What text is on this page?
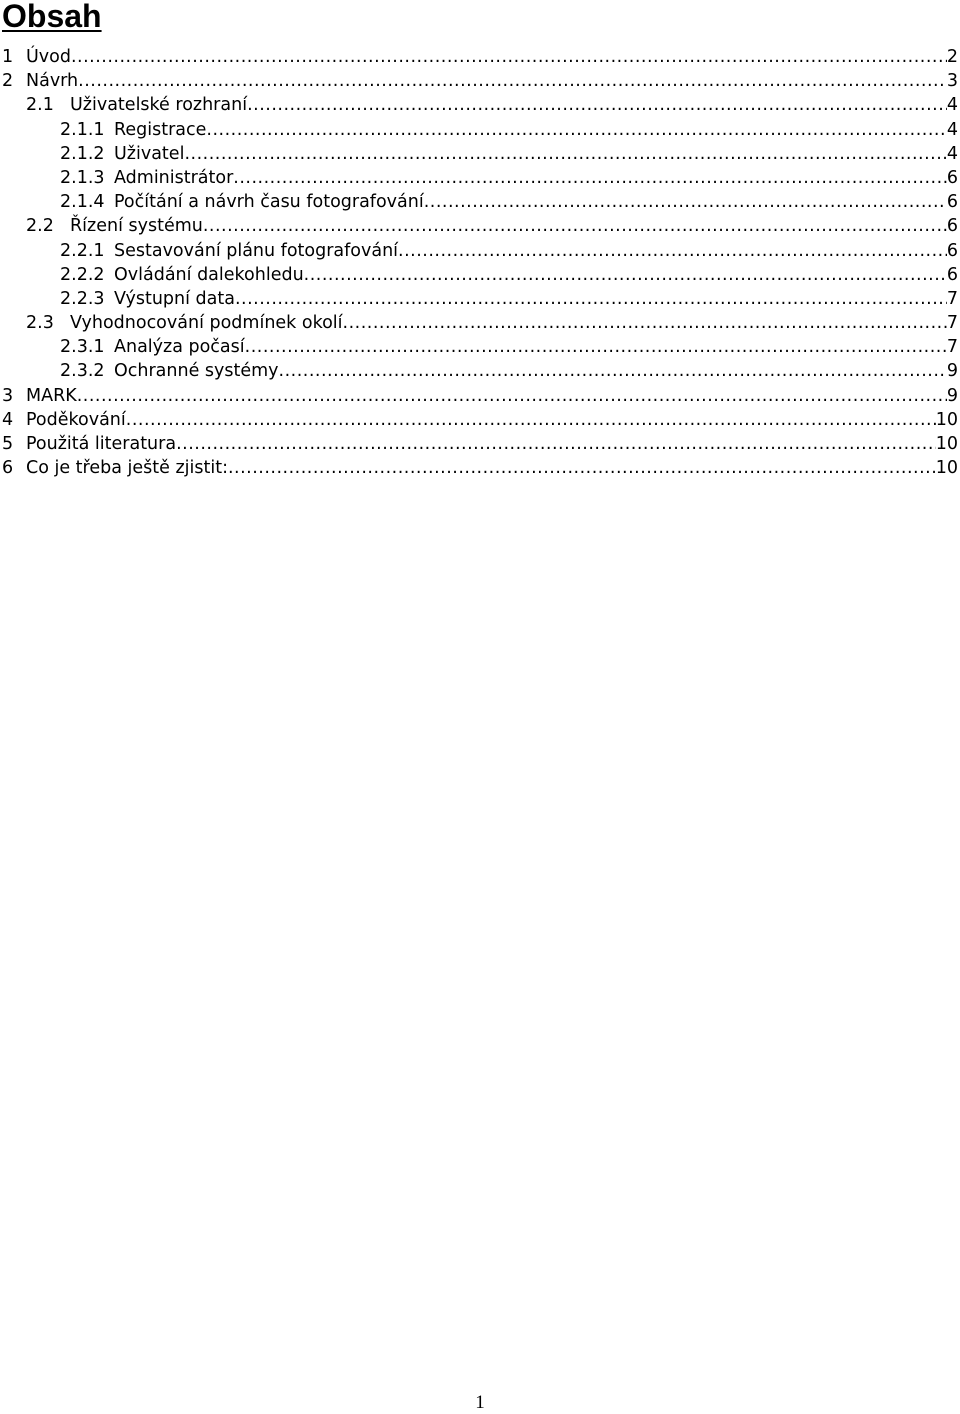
Obsah
1 Úvod .....	2
2 Návrh .....	3
2.1 Uživatelské rozhraní .....	4
2.1.1 Registrace .....	4
2.1.2 Uživatel .....	4
2.1.3 Administrátor .....	6
2.1.4 Počítání a návrh času fotografování .....	6
2.2 Řízení systému .....	6
2.2.1 Sestavování plánu fotografování .....	6
2.2.2 Ovládání dalekohledu .....	6
2.2.3 Výstupní data .....	7
2.3 Vyhodnocování podmínek okolí .....	7
2.3.1 Analýza počasí .....	7
2.3.2 Ochranné systémy .....	9
3 MARK .....	9
4 Poděkování .....	10
5 Použitá literatura .....	10
6 Co je třeba ještě zjistit: .....	10
1
